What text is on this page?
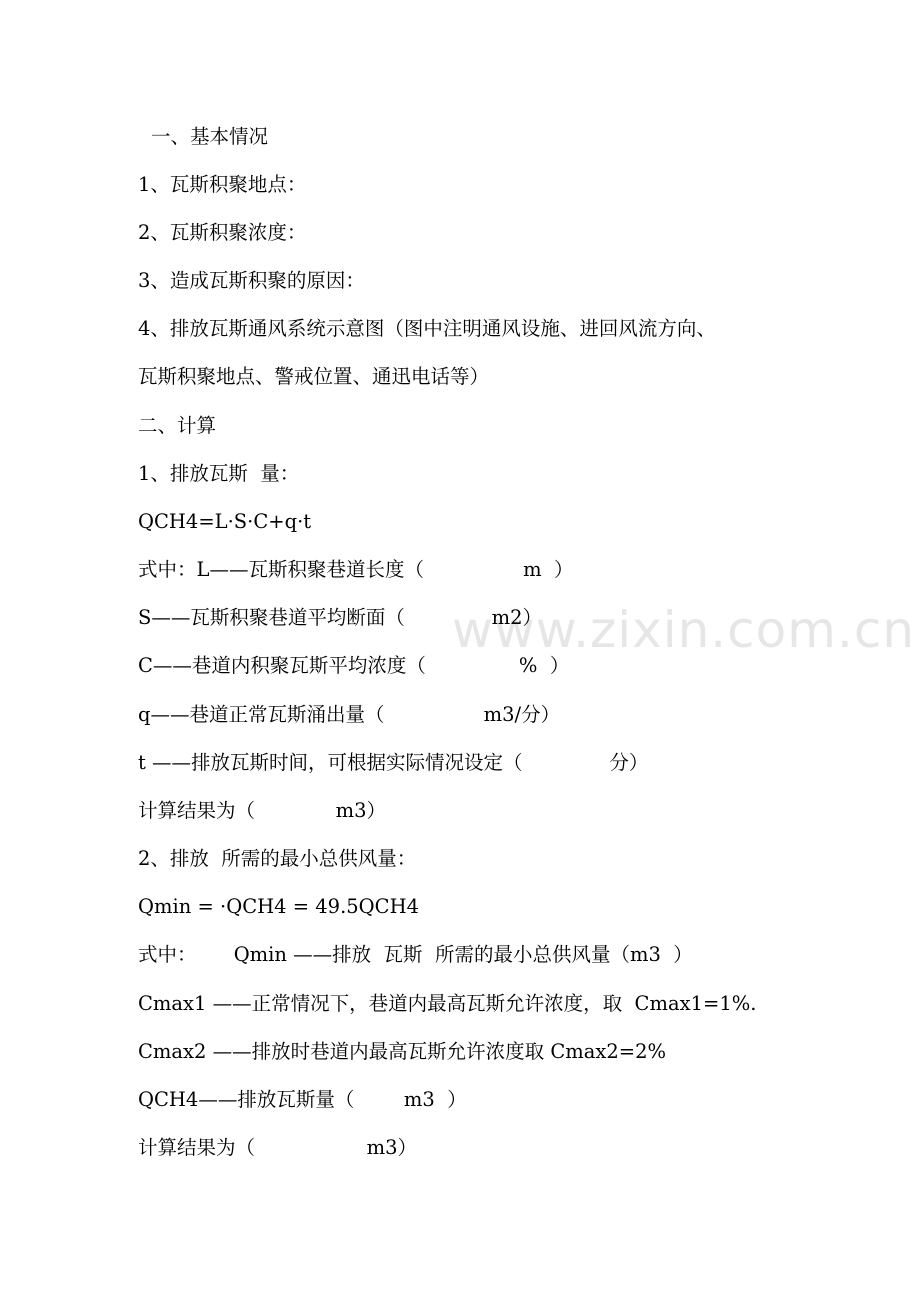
www.zixin.com.cn
一、基本情况
1、瓦斯积聚地点：
2、瓦斯积聚浓度：
3、造成瓦斯积聚的原因：
4、排放瓦斯通风系统示意图（图中注明通风设施、进回风流方向、
瓦斯积聚地点、警戒位置、通迅电话等）
二、计算
1、排放瓦斯  量：
QCH4=L·S·C+q·t
式中：L——瓦斯积聚巷道长度（                m  ）
S——瓦斯积聚巷道平均断面（              m2）
C——巷道内积聚瓦斯平均浓度（               %  ）
q——巷道正常瓦斯涌出量（                m3/分）
t ——排放瓦斯时间，可根据实际情况设定（              分）
计算结果为（             m3）
2、排放  所需的最小总供风量：
Qmin = ·QCH4 = 49.5QCH4
式中：      Qmin ——排放  瓦斯  所需的最小总供风量（m3  ）
Cmax1 ——正常情况下，巷道内最高瓦斯允许浓度，取  Cmax1=1%.
Cmax2 ——排放时巷道内最高瓦斯允许浓度取 Cmax2=2%
QCH4——排放瓦斯量（        m3  ）
计算结果为（                  m3）
